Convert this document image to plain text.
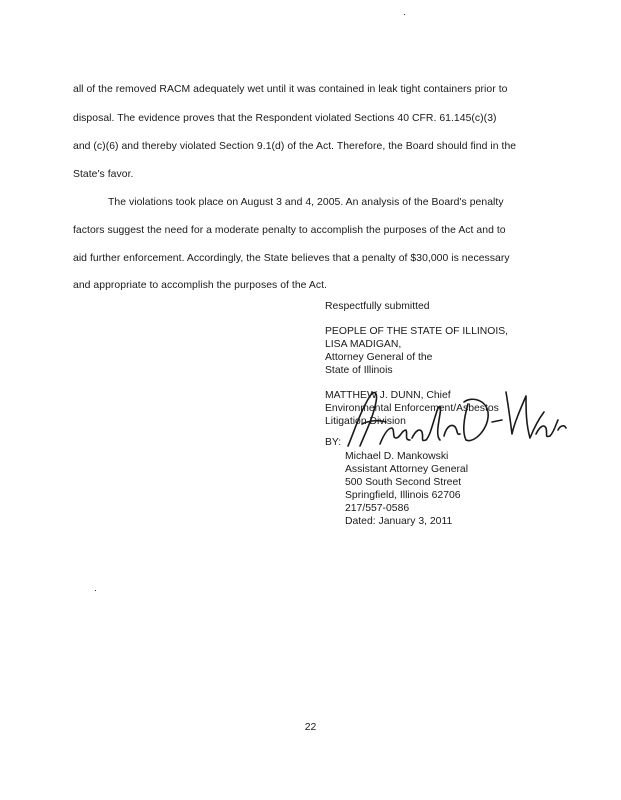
all of the removed RACM adequately wet until it was contained in leak tight containers prior to
disposal. The evidence proves that the Respondent violated Sections 40 CFR. 61.145(c)(3)
and (c)(6) and thereby violated Section 9.1(d) of the Act. Therefore, the Board should find in the
State's favor.
The violations took place on August 3 and 4, 2005. An analysis of the Board's penalty
factors suggest the need for a moderate penalty to accomplish the purposes of the Act and to
aid further enforcement. Accordingly, the State believes that a penalty of $30,000 is necessary
and appropriate to accomplish the purposes of the Act.
Respectfully submitted
PEOPLE OF THE STATE OF ILLINOIS,
LISA MADIGAN,
Attorney General of the
State of Illinois
MATTHEW J. DUNN, Chief
Environmental Enforcement/Asbestos
Litigation Division
BY:
Michael D. Mankowski
Assistant Attorney General
500 South Second Street
Springfield, Illinois 62706
217/557-0586
Dated: January 3, 2011
22
